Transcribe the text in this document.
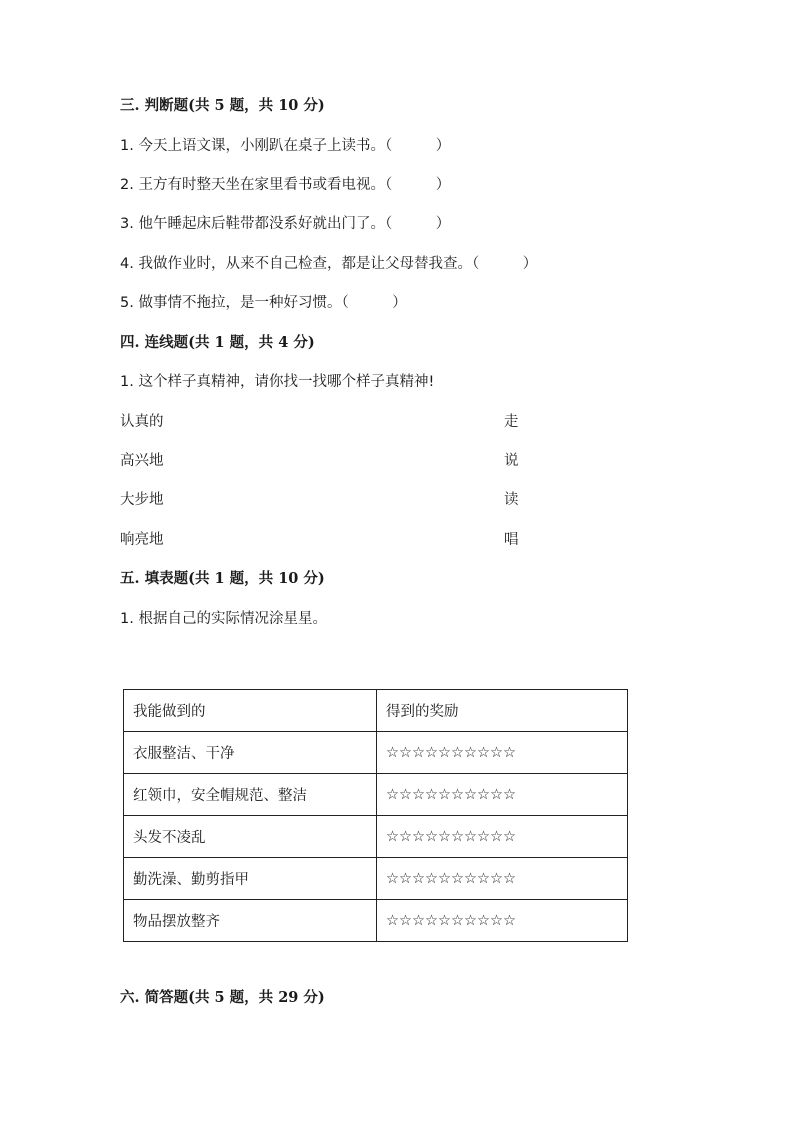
三. 判断题(共 5 题，共 10 分)
1. 今天上语文课，小刚趴在桌子上读书。（　　　）
2. 王方有时整天坐在家里看书或看电视。（　　　）
3. 他午睡起床后鞋带都没系好就出门了。（　　　）
4. 我做作业时，从来不自己检查，都是让父母替我查。（　　　）
5. 做事情不拖拉，是一种好习惯。（　　　）
四. 连线题(共 1 题，共 4 分)
1. 这个样子真精神，请你找一找哪个样子真精神!
认真的	走
高兴地	说
大步地	读
响亮地	唱
五. 填表题(共 1 题，共 10 分)
1. 根据自己的实际情况涂星星。
我能做到的	得到的奖励
衣服整洁、干净	☆☆☆☆☆☆☆☆☆☆
红领巾，安全帽规范、整洁	☆☆☆☆☆☆☆☆☆☆
头发不凌乱	☆☆☆☆☆☆☆☆☆☆
勤洗澡、勤剪指甲	☆☆☆☆☆☆☆☆☆☆
物品摆放整齐	☆☆☆☆☆☆☆☆☆☆
六. 简答题(共 5 题，共 29 分)
